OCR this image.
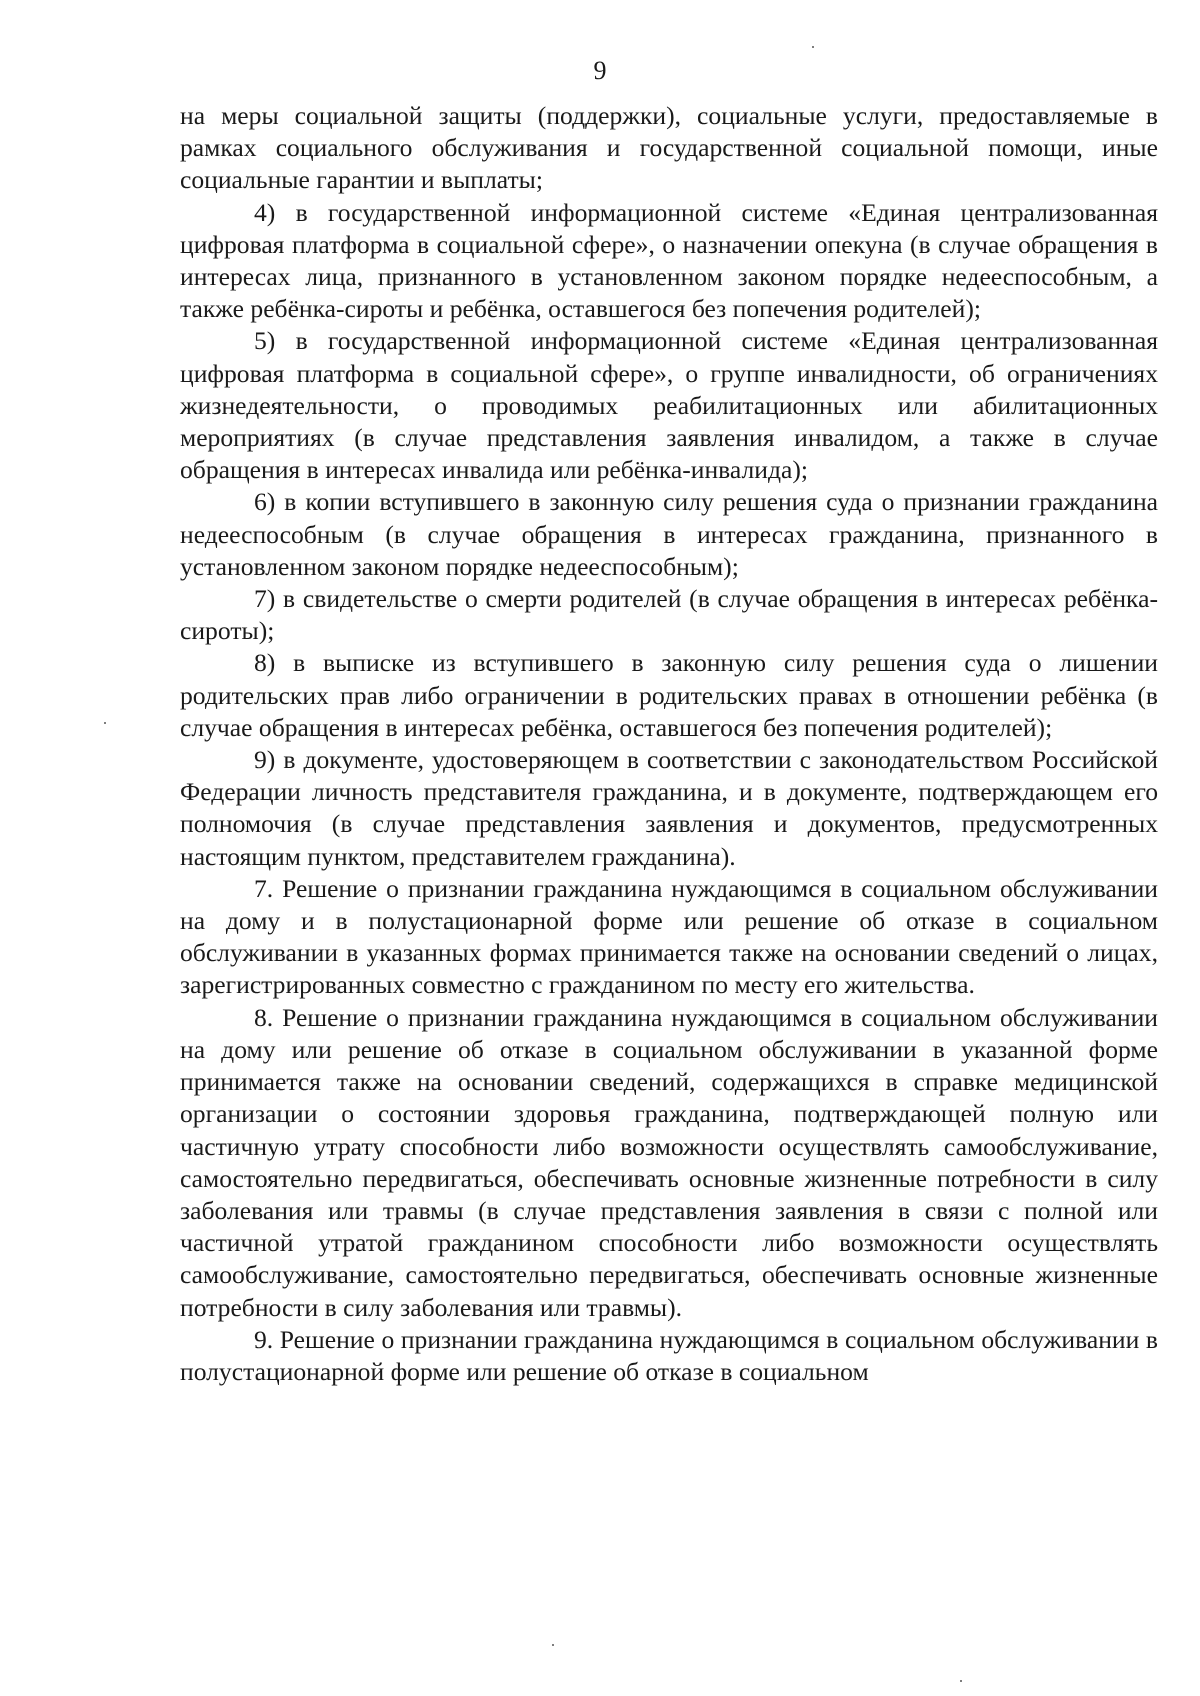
9

на меры социальной защиты (поддержки), социальные услуги, предоставляемые в рамках социального обслуживания и государственной социальной помощи, иные социальные гарантии и выплаты;

4) в государственной информационной системе «Единая централизованная цифровая платформа в социальной сфере», о назначении опекуна (в случае обращения в интересах лица, признанного в установленном законом порядке недееспособным, а также ребёнка-сироты и ребёнка, оставшегося без попечения родителей);

5) в государственной информационной системе «Единая централизованная цифровая платформа в социальной сфере», о группе инвалидности, об ограничениях жизнедеятельности, о проводимых реабилитационных или абилитационных мероприятиях (в случае представления заявления инвалидом, а также в случае обращения в интересах инвалида или ребёнка-инвалида);

6) в копии вступившего в законную силу решения суда о признании гражданина недееспособным (в случае обращения в интересах гражданина, признанного в установленном законом порядке недееспособным);

7) в свидетельстве о смерти родителей (в случае обращения в интересах ребёнка-сироты);

8) в выписке из вступившего в законную силу решения суда о лишении родительских прав либо ограничении в родительских правах в отношении ребёнка (в случае обращения в интересах ребёнка, оставшегося без попечения родителей);

9) в документе, удостоверяющем в соответствии с законодательством Российской Федерации личность представителя гражданина, и в документе, подтверждающем его полномочия (в случае представления заявления и документов, предусмотренных настоящим пунктом, представителем гражданина).

7. Решение о признании гражданина нуждающимся в социальном обслуживании на дому и в полустационарной форме или решение об отказе в социальном обслуживании в указанных формах принимается также на основании сведений о лицах, зарегистрированных совместно с гражданином по месту его жительства.

8. Решение о признании гражданина нуждающимся в социальном обслуживании на дому или решение об отказе в социальном обслуживании в указанной форме принимается также на основании сведений, содержащихся в справке медицинской организации о состоянии здоровья гражданина, подтверждающей полную или частичную утрату способности либо возможности осуществлять самообслуживание, самостоятельно передвигаться, обеспечивать основные жизненные потребности в силу заболевания или травмы (в случае представления заявления в связи с полной или частичной утратой гражданином способности либо возможности осуществлять самообслуживание, самостоятельно передвигаться, обеспечивать основные жизненные потребности в силу заболевания или травмы).

9. Решение о признании гражданина нуждающимся в социальном обслуживании в полустационарной форме или решение об отказе в социальном
